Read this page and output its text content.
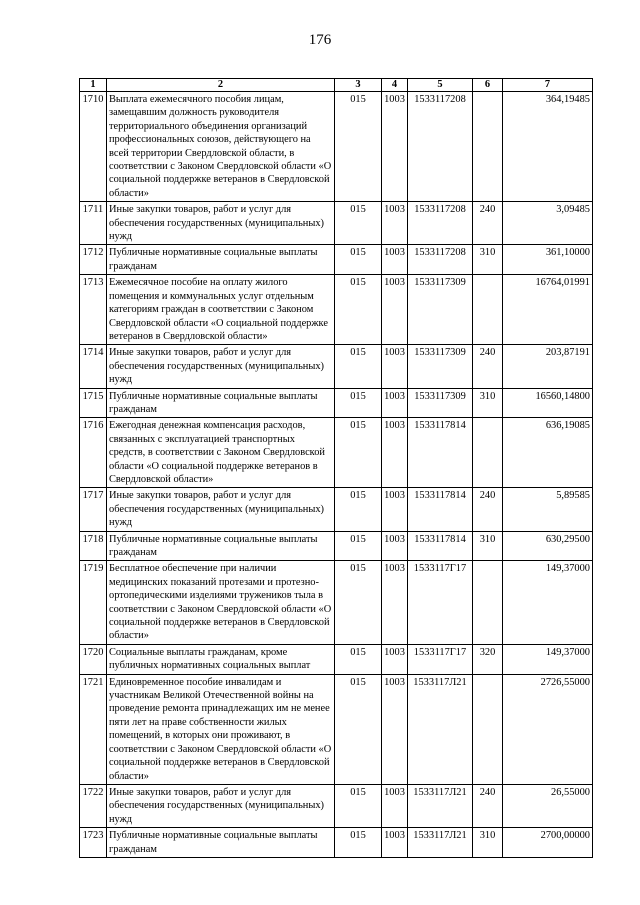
176
1	2	3	4	5	6	7
1710	Выплата ежемесячного пособия лицам, замещавшим должность руководителя территориального объединения организаций профессиональных союзов, действующего на всей территории Свердловской области, в соответствии с Законом Свердловской области «О социальной поддержке ветеранов в Свердловской области»	015	1003	1533117208		364,19485
1711	Иные закупки товаров, работ и услуг для обеспечения государственных (муниципальных) нужд	015	1003	1533117208	240	3,09485
1712	Публичные нормативные социальные выплаты гражданам	015	1003	1533117208	310	361,10000
1713	Ежемесячное пособие на оплату жилого помещения и коммунальных услуг отдельным категориям граждан в соответствии с Законом Свердловской области «О социальной поддержке ветеранов в Свердловской области»	015	1003	1533117309		16764,01991
1714	Иные закупки товаров, работ и услуг для обеспечения государственных (муниципальных) нужд	015	1003	1533117309	240	203,87191
1715	Публичные нормативные социальные выплаты гражданам	015	1003	1533117309	310	16560,14800
1716	Ежегодная денежная компенсация расходов, связанных с эксплуатацией транспортных средств, в соответствии с Законом Свердловской области «О социальной поддержке ветеранов в Свердловской области»	015	1003	1533117814		636,19085
1717	Иные закупки товаров, работ и услуг для обеспечения государственных (муниципальных) нужд	015	1003	1533117814	240	5,89585
1718	Публичные нормативные социальные выплаты гражданам	015	1003	1533117814	310	630,29500
1719	Бесплатное обеспечение при наличии медицинских показаний протезами и протезно-ортопедическими изделиями тружеников тыла в соответствии с Законом Свердловской области «О социальной поддержке ветеранов в Свердловской области»	015	1003	1533117Г17		149,37000
1720	Социальные выплаты гражданам, кроме публичных нормативных социальных выплат	015	1003	1533117Г17	320	149,37000
1721	Единовременное пособие инвалидам и участникам Великой Отечественной войны на проведение ремонта принадлежащих им не менее пяти лет на праве собственности жилых помещений, в которых они проживают, в соответствии с Законом Свердловской области «О социальной поддержке ветеранов в Свердловской области»	015	1003	1533117Л21		2726,55000
1722	Иные закупки товаров, работ и услуг для обеспечения государственных (муниципальных) нужд	015	1003	1533117Л21	240	26,55000
1723	Публичные нормативные социальные выплаты гражданам	015	1003	1533117Л21	310	2700,00000
